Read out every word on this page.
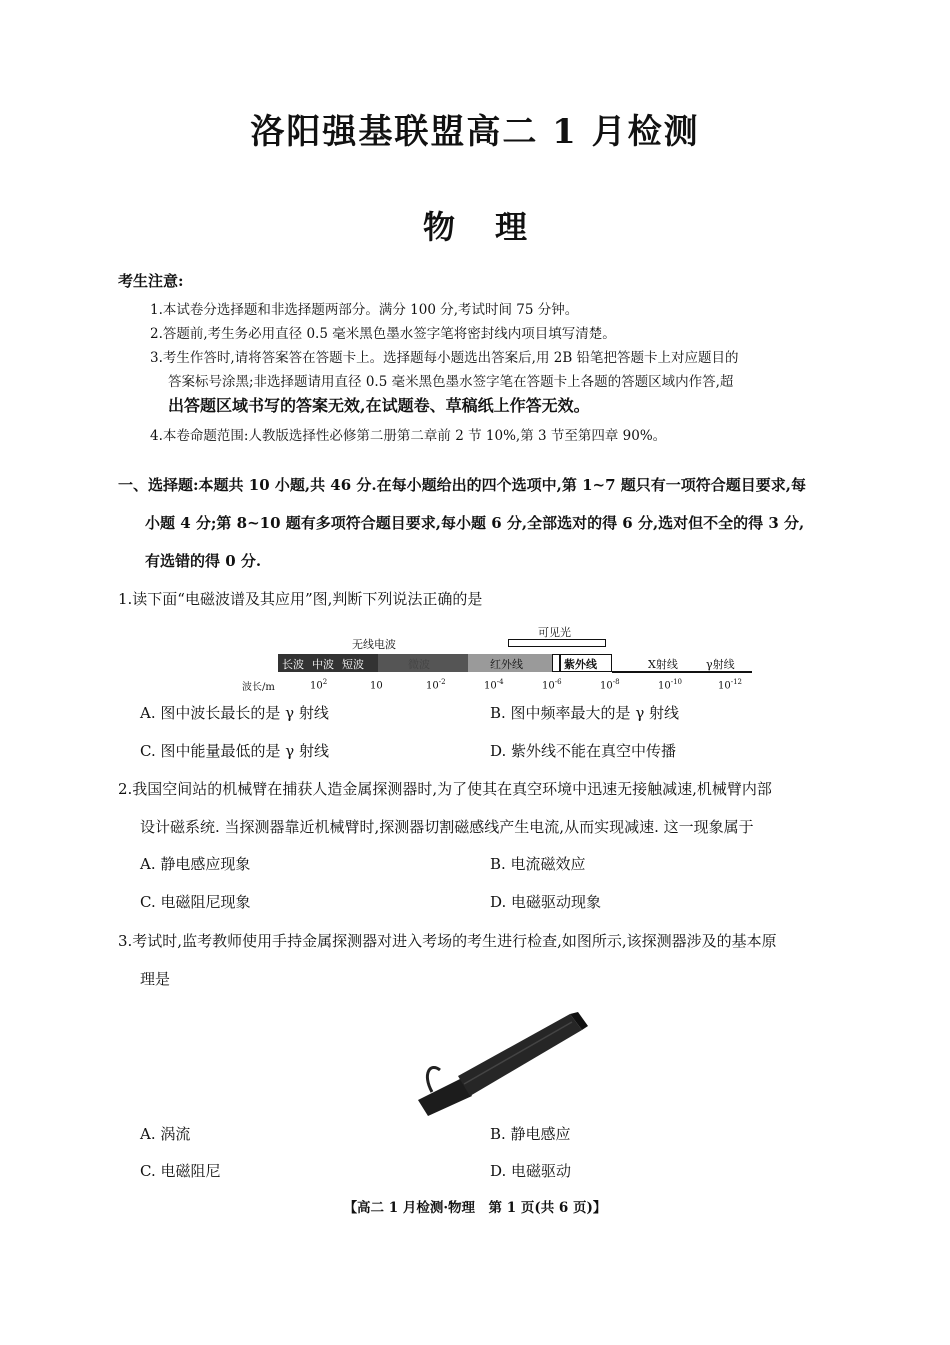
洛阳强基联盟高二 1 月检测
物理
考生注意:
1.本试卷分选择题和非选择题两部分。满分 100 分,考试时间 75 分钟。
2.答题前,考生务必用直径 0.5 毫米黑色墨水签字笔将密封线内项目填写清楚。
3.考生作答时,请将答案答在答题卡上。选择题每小题选出答案后,用 2B 铅笔把答题卡上对应题目的
答案标号涂黑;非选择题请用直径 0.5 毫米黑色墨水签字笔在答题卡上各题的答题区域内作答,超
出答题区域书写的答案无效,在试题卷、草稿纸上作答无效。
4.本卷命题范围:人教版选择性必修第二册第二章前 2 节 10%,第 3 节至第四章 90%。
一、选择题:本题共 10 小题,共 46 分.在每小题给出的四个选项中,第 1~7 题只有一项符合题目要求,每
小题 4 分;第 8~10 题有多项符合题目要求,每小题 6 分,全部选对的得 6 分,选对但不全的得 3 分,
有选错的得 0 分.
1.读下面“电磁波谱及其应用”图,判断下列说法正确的是
无线电波
可见光
长波 中波 短波	微波	红外线	紫外线	X射线	γ射线
波长/m	$10^2$	10	$10^{-2}$	$10^{-4}$	$10^{-6}$	$10^{-8}$	$10^{-10}$	$10^{-12}$
A. 图中波长最长的是 γ 射线	B. 图中频率最大的是 γ 射线
C. 图中能量最低的是 γ 射线	D. 紫外线不能在真空中传播
2.我国空间站的机械臂在捕获人造金属探测器时,为了使其在真空环境中迅速无接触减速,机械臂内部
设计磁系统. 当探测器靠近机械臂时,探测器切割磁感线产生电流,从而实现减速. 这一现象属于
A. 静电感应现象	B. 电流磁效应
C. 电磁阻尼现象	D. 电磁驱动现象
3.考试时,监考教师使用手持金属探测器对进入考场的考生进行检查,如图所示,该探测器涉及的基本原
理是
A. 涡流	B. 静电感应
C. 电磁阻尼	D. 电磁驱动
【高二 1 月检测·物理　第 1 页(共 6 页)】
